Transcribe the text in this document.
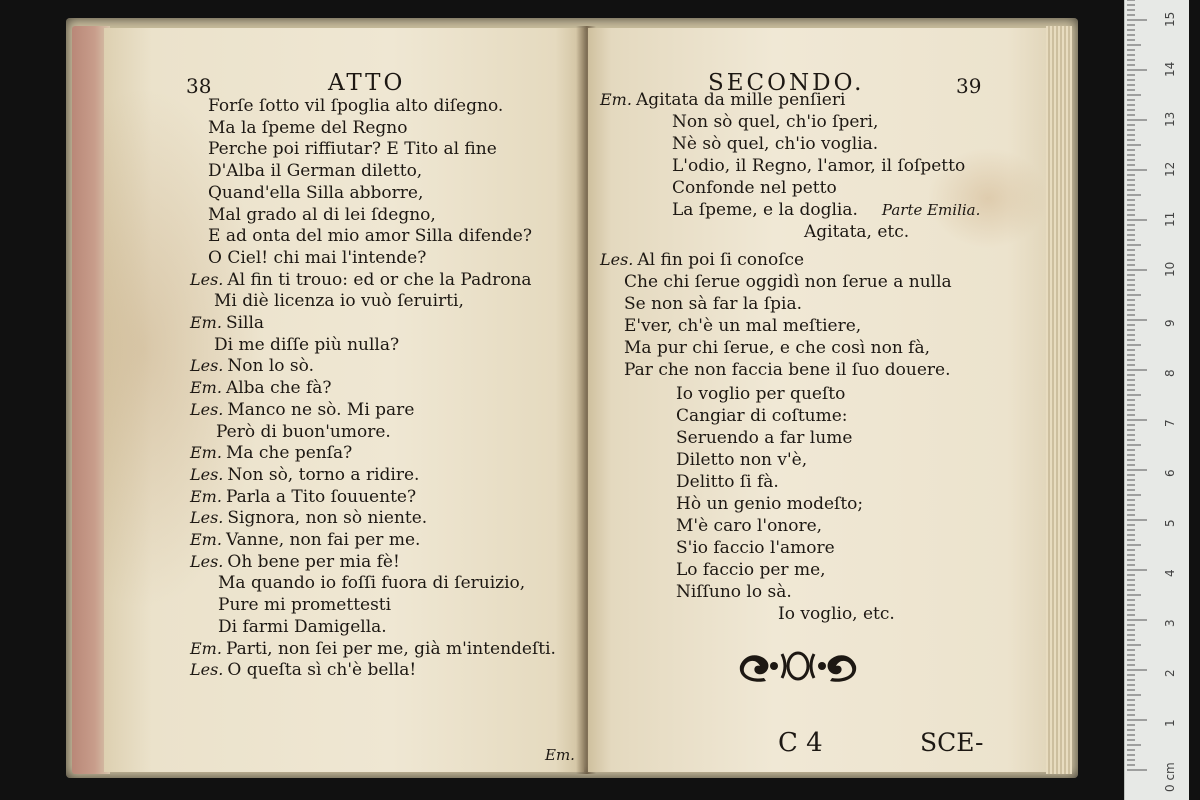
38	ATTO
Forſe ſotto vil ſpoglia alto diſegno.
Ma la ſpeme del Regno
Perche poi riffiutar? E Tito al fine
D'Alba il German diletto,
Quand'ella Silla abborre,
Mal grado al di lei ſdegno,
E ad onta del mio amor Silla difende?
O Ciel! chi mai l'intende?
Les. Al fin ti trouo: ed or che la Padrona
Mi diè licenza io vuò ſeruirti,
Em. Silla
Di me diſſe più nulla?
Les. Non lo sò.
Em. Alba che fà?
Les. Manco ne sò. Mi pare
Però di buon'umore.
Em. Ma che penſa?
Les. Non sò, torno a ridire.
Em. Parla a Tito ſouuente?
Les. Signora, non sò niente.
Em. Vanne, non fai per me.
Les. Oh bene per mia fè!
Ma quando io foſſi fuora di ſeruizio,
Pure mi promettesti
Di farmi Damigella.
Em. Parti, non ſei per me, già m'intendeſti.
Les. O queſta sì ch'è bella!
Em.
SECONDO.	39
Em. Agitata da mille penſieri
Non sò quel, ch'io ſperi,
Nè sò quel, ch'io voglia.
L'odio, il Regno, l'amor, il ſoſpetto
Confonde nel petto
La ſpeme, e la doglia. Parte Emilia.
Agitata, etc.
Les. Al fin poi ſi conoſce
Che chi ſerue oggidì non ſerue a nulla
Se non sà far la ſpia.
E'ver, ch'è un mal meſtiere,
Ma pur chi ſerue, e che così non fà,
Par che non faccia bene il ſuo douere.
Io voglio per queſto
Cangiar di coſtume:
Seruendo a far lume
Diletto non v'è,
Delitto ſi fà.
Hò un genio modeſto;
M'è caro l'onore,
S'io faccio l'amore
Lo faccio per me,
Niſſuno lo sà.
Io voglio, etc.
C 4	SCE-
0 cm
1
2
3
4
5
6
7
8
9
10
11
12
13
14
15
